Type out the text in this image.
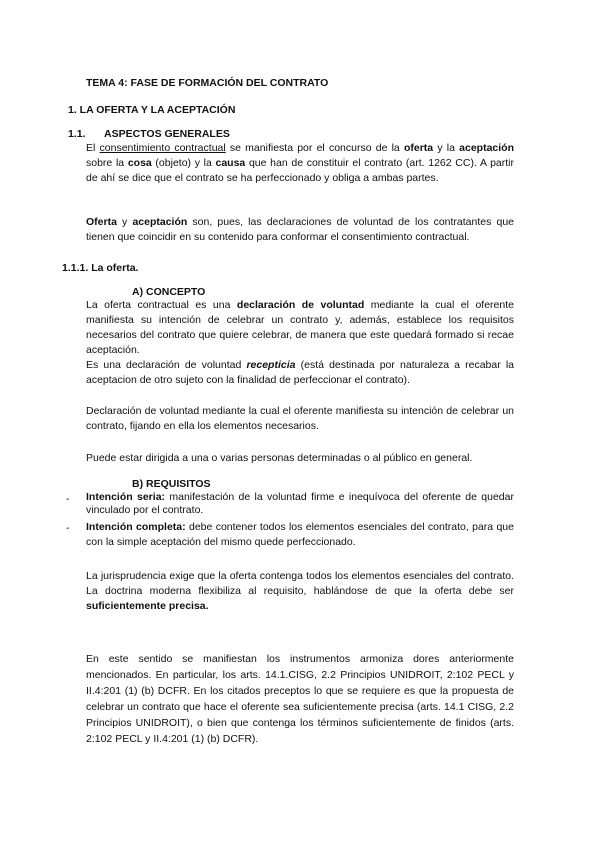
TEMA 4: FASE DE FORMACIÓN DEL CONTRATO
1. LA OFERTA Y LA ACEPTACIÓN
1.1. ASPECTOS GENERALES
El consentimiento contractual se manifiesta por el concurso de la oferta y la aceptación sobre la cosa (objeto) y la causa que han de constituir el contrato (art. 1262 CC). A partir de ahí se dice que el contrato se ha perfeccionado y obliga a ambas partes.
Oferta y aceptación son, pues, las declaraciones de voluntad de los contratantes que tienen que coincidir en su contenido para conformar el consentimiento contractual.
1.1.1. La oferta.
A) CONCEPTO
La oferta contractual es una declaración de voluntad mediante la cual el oferente manifiesta su intención de celebrar un contrato y, además, establece los requisitos necesarios del contrato que quiere celebrar, de manera que este quedará formado si recae aceptación.
Es una declaración de voluntad recepticia (está destinada por naturaleza a recabar la aceptacion de otro sujeto con la finalidad de perfeccionar el contrato).
Declaración de voluntad mediante la cual el oferente manifiesta su intención de celebrar un contrato, fijando en ella los elementos necesarios.
Puede estar dirigida a una o varias personas determinadas o al público en general.
B) REQUISITOS
- Intención seria: manifestación de la voluntad firme e inequívoca del oferente de quedar vinculado por el contrato.
- Intención completa: debe contener todos los elementos esenciales del contrato, para que con la simple aceptación del mismo quede perfeccionado.
La jurisprudencia exige que la oferta contenga todos los elementos esenciales del contrato. La doctrina moderna flexibiliza al requisito, hablándose de que la oferta debe ser suficientemente precisa.
En este sentido se manifiestan los instrumentos armoniza dores anteriormente mencionados. En particular, los arts. 14.1.CISG, 2.2 Principios UNIDROIT, 2:102 PECL y II.4:201 (1) (b) DCFR. En los citados preceptos lo que se requiere es que la propuesta de celebrar un contrato que hace el oferente sea suficientemente precisa (arts. 14.1 CISG, 2.2 Principios UNIDROIT), o bien que contenga los términos suficientemente de finidos (arts. 2:102 PECL y II.4:201 (1) (b) DCFR).
